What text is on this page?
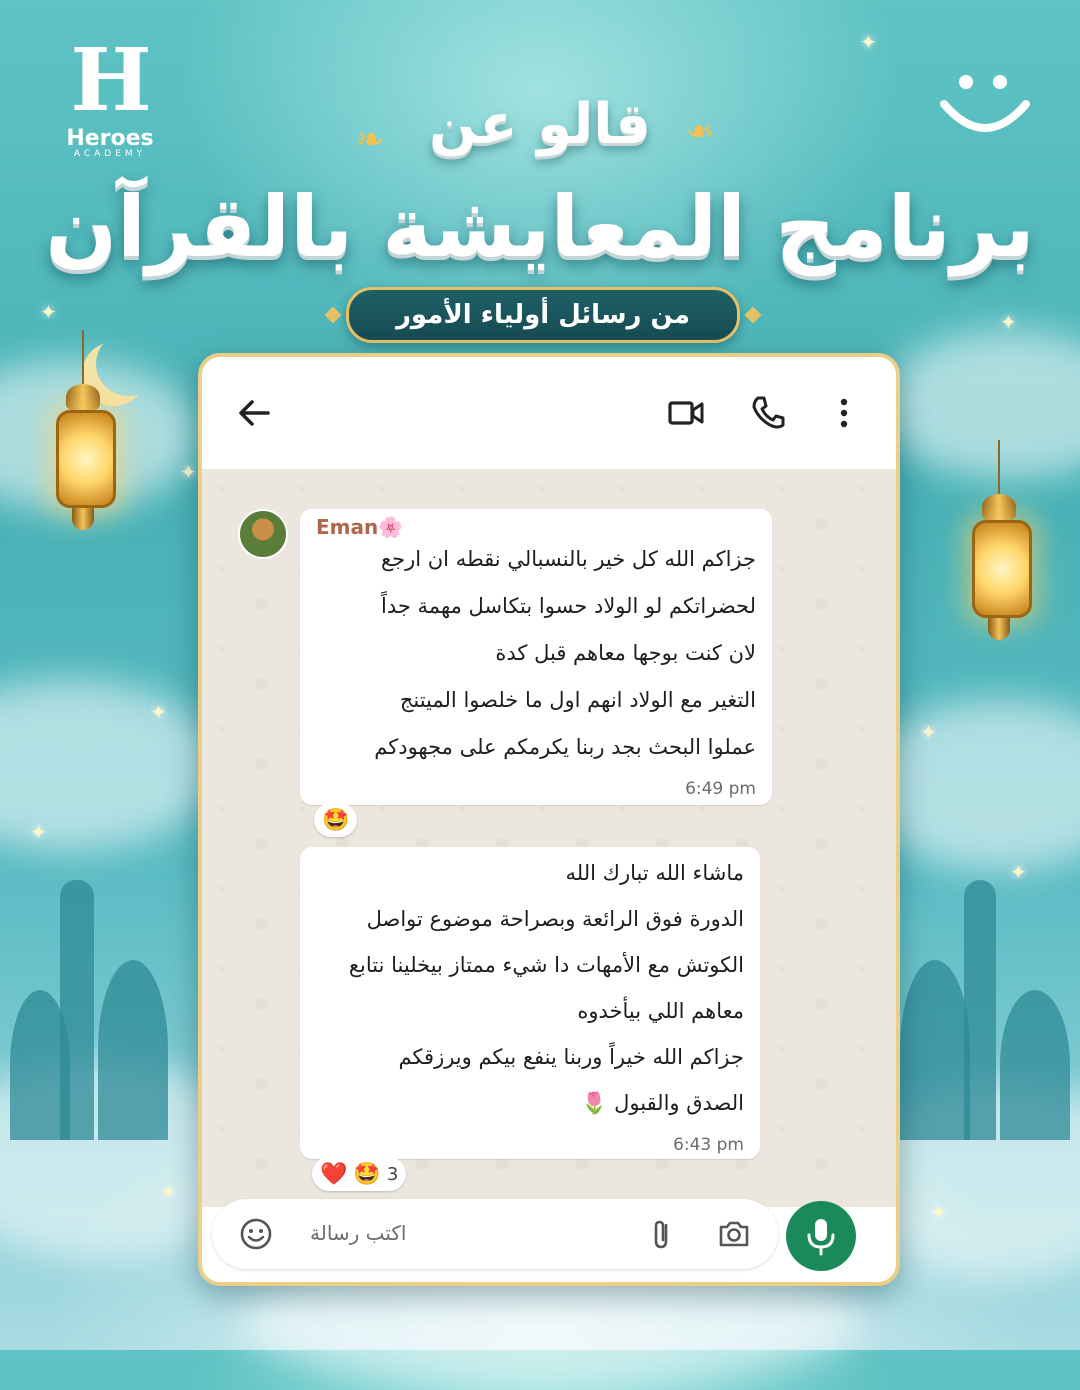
✦
✦
✦
✦
✦
✦
✦
✦
✦
✦
H
Heroes
ACADEMY	❧	❧
قالو عن
برنامج المعايشة بالقرآن
من رسائل أولياء الأمور
Eman🌸
جزاكم الله كل خير بالنسبالي نقطه ان ارجع
لحضراتكم لو الولاد حسوا بتكاسل مهمة جداً
لان كنت بوجها معاهم قبل كدة
التغير مع الولاد انهم اول ما خلصوا الميتنج
عملوا البحث بجد ربنا يكرمكم على مجهودكم
6:49 pm
🤩
ماشاء الله تبارك الله
الدورة فوق الرائعة وبصراحة موضوع تواصل
الكوتش مع الأمهات دا شيء ممتاز بيخلينا نتابع
معاهم اللي بيأخدوه
جزاكم الله خيراً وربنا ينفع بيكم ويرزقكم
الصدق والقبول 🌷
6:43 pm
❤️ 🤩 3
اكتب رسالة
